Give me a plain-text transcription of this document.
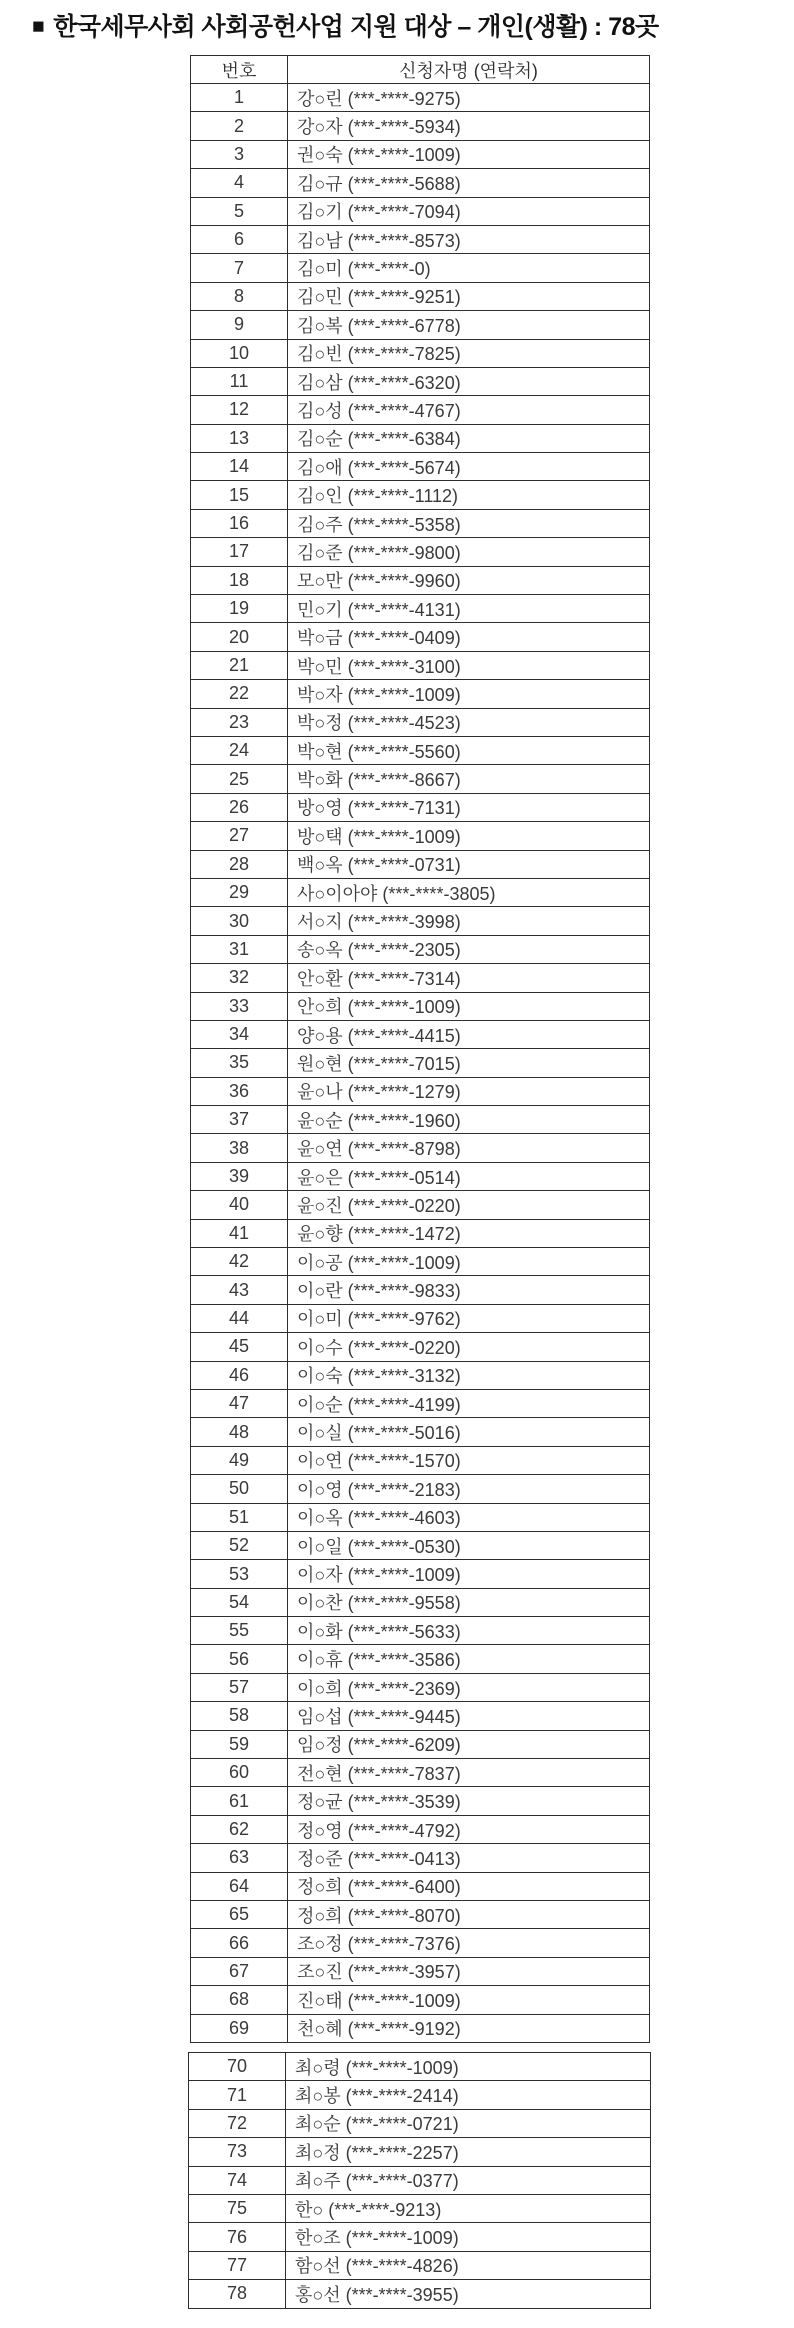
■ 한국세무사회 사회공헌사업 지원 대상 – 개인(생활) : 78곳
번호	신청자명 (연락처)
1	강○린 (***-****-9275)
2	강○자 (***-****-5934)
3	권○숙 (***-****-1009)
4	김○규 (***-****-5688)
5	김○기 (***-****-7094)
6	김○남 (***-****-8573)
7	김○미 (***-****-0)
8	김○민 (***-****-9251)
9	김○복 (***-****-6778)
10	김○빈 (***-****-7825)
11	김○삼 (***-****-6320)
12	김○성 (***-****-4767)
13	김○순 (***-****-6384)
14	김○애 (***-****-5674)
15	김○인 (***-****-1112)
16	김○주 (***-****-5358)
17	김○준 (***-****-9800)
18	모○만 (***-****-9960)
19	민○기 (***-****-4131)
20	박○금 (***-****-0409)
21	박○민 (***-****-3100)
22	박○자 (***-****-1009)
23	박○정 (***-****-4523)
24	박○현 (***-****-5560)
25	박○화 (***-****-8667)
26	방○영 (***-****-7131)
27	방○택 (***-****-1009)
28	백○옥 (***-****-0731)
29	사○이아야 (***-****-3805)
30	서○지 (***-****-3998)
31	송○옥 (***-****-2305)
32	안○환 (***-****-7314)
33	안○희 (***-****-1009)
34	양○용 (***-****-4415)
35	원○현 (***-****-7015)
36	윤○나 (***-****-1279)
37	윤○순 (***-****-1960)
38	윤○연 (***-****-8798)
39	윤○은 (***-****-0514)
40	윤○진 (***-****-0220)
41	윤○향 (***-****-1472)
42	이○공 (***-****-1009)
43	이○란 (***-****-9833)
44	이○미 (***-****-9762)
45	이○수 (***-****-0220)
46	이○숙 (***-****-3132)
47	이○순 (***-****-4199)
48	이○실 (***-****-5016)
49	이○연 (***-****-1570)
50	이○영 (***-****-2183)
51	이○옥 (***-****-4603)
52	이○일 (***-****-0530)
53	이○자 (***-****-1009)
54	이○찬 (***-****-9558)
55	이○화 (***-****-5633)
56	이○휴 (***-****-3586)
57	이○희 (***-****-2369)
58	임○섭 (***-****-9445)
59	임○정 (***-****-6209)
60	전○현 (***-****-7837)
61	정○균 (***-****-3539)
62	정○영 (***-****-4792)
63	정○준 (***-****-0413)
64	정○희 (***-****-6400)
65	정○희 (***-****-8070)
66	조○정 (***-****-7376)
67	조○진 (***-****-3957)
68	진○태 (***-****-1009)
69	천○혜 (***-****-9192)
70	최○령 (***-****-1009)
71	최○봉 (***-****-2414)
72	최○순 (***-****-0721)
73	최○정 (***-****-2257)
74	최○주 (***-****-0377)
75	한○ (***-****-9213)
76	한○조 (***-****-1009)
77	함○선 (***-****-4826)
78	홍○선 (***-****-3955)
